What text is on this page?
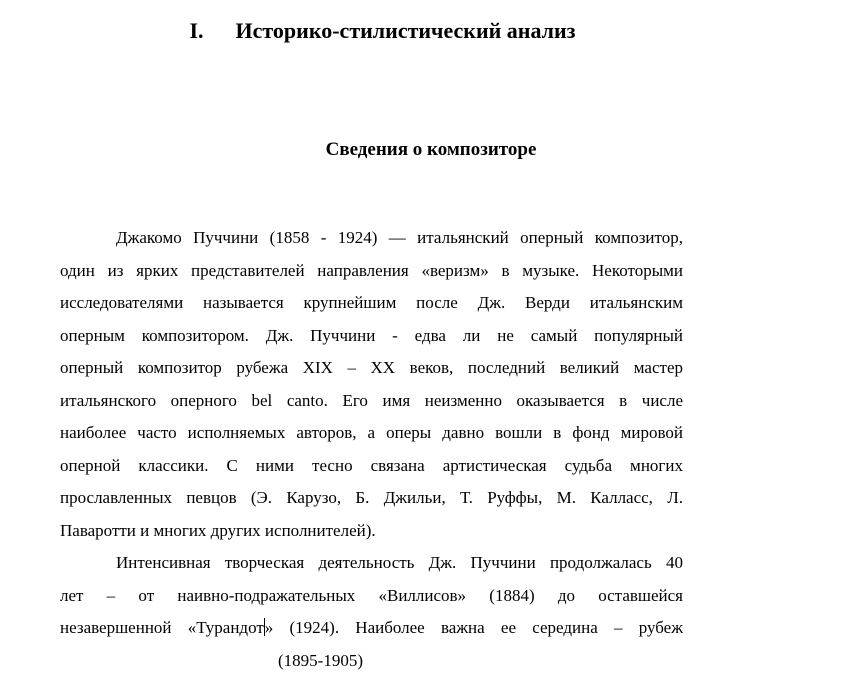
I. Историко-стилистический анализ
Сведения о композиторе

Джакомо Пуччини (1858 - 1924) — итальянский оперный композитор,
один из ярких представителей направления «веризм» в музыке. Некоторыми
исследователями называется крупнейшим после Дж. Верди итальянским
оперным композитором. Дж. Пуччини - едва ли не самый популярный
оперный композитор рубежа XIX – XX веков, последний великий мастер
итальянского оперного bel canto. Его имя неизменно оказывается в числе
наиболее часто исполняемых авторов, а оперы давно вошли в фонд мировой
оперной классики. С ними тесно связана артистическая судьба многих
прославленных певцов (Э. Карузо, Б. Джильи, Т. Руффы, М. Калласс, Л.
Паваротти и многих других исполнителей).

Интенсивная творческая деятельность Дж. Пуччини продолжалась 40
лет – от наивно-подражательных «Виллисов» (1884) до оставшейся
незавершенной «Турандот» (1924). Наиболее важна ее середина – рубеж
(1895-1905)
